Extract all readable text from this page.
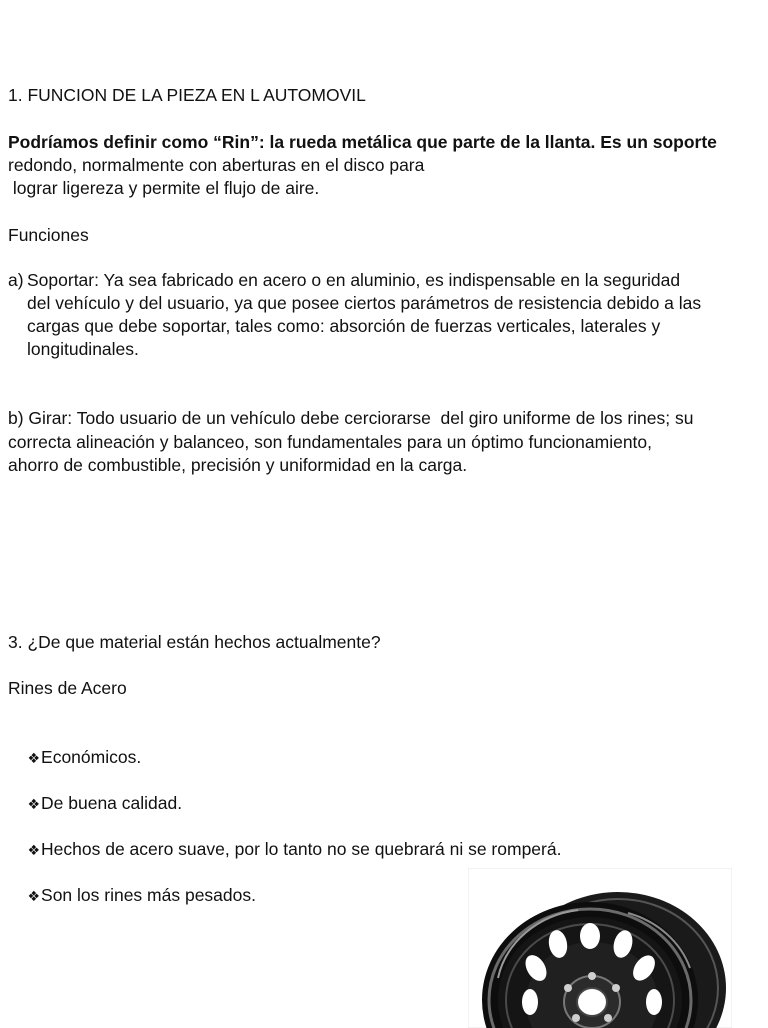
1. FUNCION DE LA PIEZA EN L AUTOMOVIL
Podríamos definir como “Rin”: la rueda metálica que parte de la llanta. Es un soporte
redondo, normalmente con aberturas en el disco para
lograr ligereza y permite el flujo de aire.
Funciones
a) Soportar: Ya sea fabricado en acero o en aluminio, es indispensable en la seguridad
del vehículo y del usuario, ya que posee ciertos parámetros de resistencia debido a las
cargas que debe soportar, tales como: absorción de fuerzas verticales, laterales y
longitudinales.
b) Girar: Todo usuario de un vehículo debe cerciorarse  del giro uniforme de los rines; su
correcta alineación y balanceo, son fundamentales para un óptimo funcionamiento,
ahorro de combustible, precisión y uniformidad en la carga.
3. ¿De que material están hechos actualmente?
Rines de Acero

❖Económicos.

❖De buena calidad.

❖Hechos de acero suave, por lo tanto no se quebrará ni se romperá.

❖Son los rines más pesados.
